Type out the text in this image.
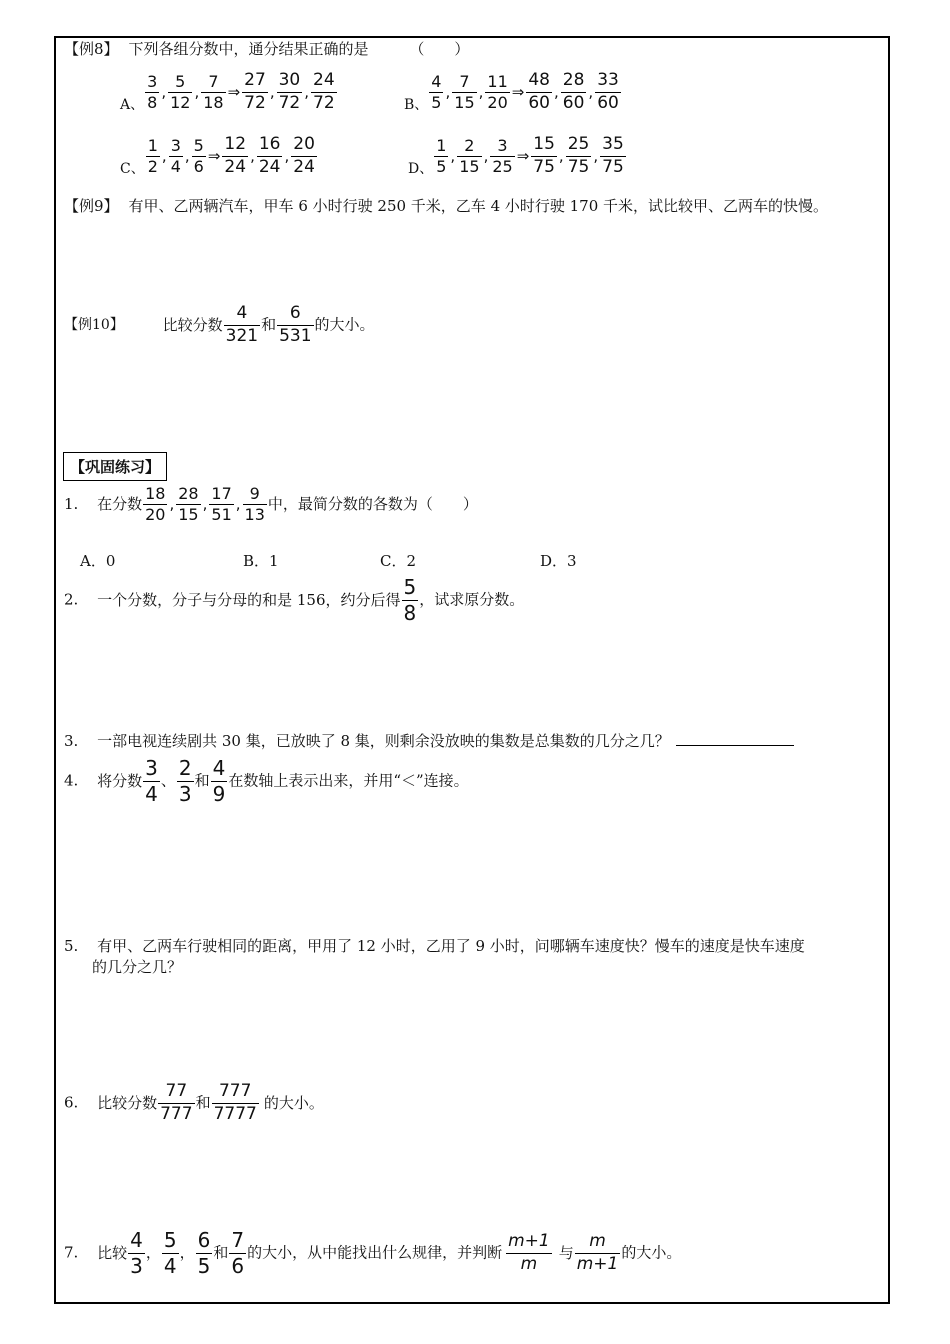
【例8】 下列各组分数中，通分结果正确的是	（　　）
A、 $\frac{3}{8}$ , $\frac{5}{12}$ , $\frac{7}{18}$ ⇒ $\frac{27}{72}$ , $\frac{30}{72}$ , $\frac{24}{72}$	B、 $\frac{4}{5}$ , $\frac{7}{15}$ , $\frac{11}{20}$ ⇒ $\frac{48}{60}$ , $\frac{28}{60}$ , $\frac{33}{60}$
C、 $\frac{1}{2}$ , $\frac{3}{4}$ , $\frac{5}{6}$ ⇒ $\frac{12}{24}$ , $\frac{16}{24}$ , $\frac{20}{24}$	D、 $\frac{1}{5}$ , $\frac{2}{15}$ , $\frac{3}{25}$ ⇒ $\frac{15}{75}$ , $\frac{25}{75}$ , $\frac{35}{75}$
【例9】 有甲、乙两辆汽车，甲车 6 小时行驶 250 千米，乙车 4 小时行驶 170 千米，试比较甲、乙两车的快慢。
【例10】	比较分数 $\frac{4}{321}$ 和 $\frac{6}{531}$ 的大小。
【巩固练习】
1. 在分数 $\frac{18}{20}$ , $\frac{28}{15}$ , $\frac{17}{51}$ , $\frac{9}{13}$ 中，最简分数的各数为（　　）
A．0	B．1	C．2	D．3
2. 一个分数，分子与分母的和是 156，约分后得 $\frac{5}{8}$ ，试求原分数。
3. 一部电视连续剧共 30 集，已放映了 8 集，则剩余没放映的集数是总集数的几分之几？
4. 将分数 $\frac{3}{4}$ 、 $\frac{2}{3}$ 和 $\frac{4}{9}$ 在数轴上表示出来，并用“＜”连接。
5. 有甲、乙两车行驶相同的距离，甲用了 12 小时，乙用了 9 小时，问哪辆车速度快？慢车的速度是快车速度
的几分之几？
6. 比较分数 $\frac{77}{777}$ 和 $\frac{777}{7777}$ 的大小。
7. 比较 $\frac{4}{3}$ ， $\frac{5}{4}$ ， $\frac{6}{5}$ 和 $\frac{7}{6}$ 的大小，从中能找出什么规律，并判断 $\frac{m+1}{m}$ 与 $\frac{m}{m+1}$ 的大小。
